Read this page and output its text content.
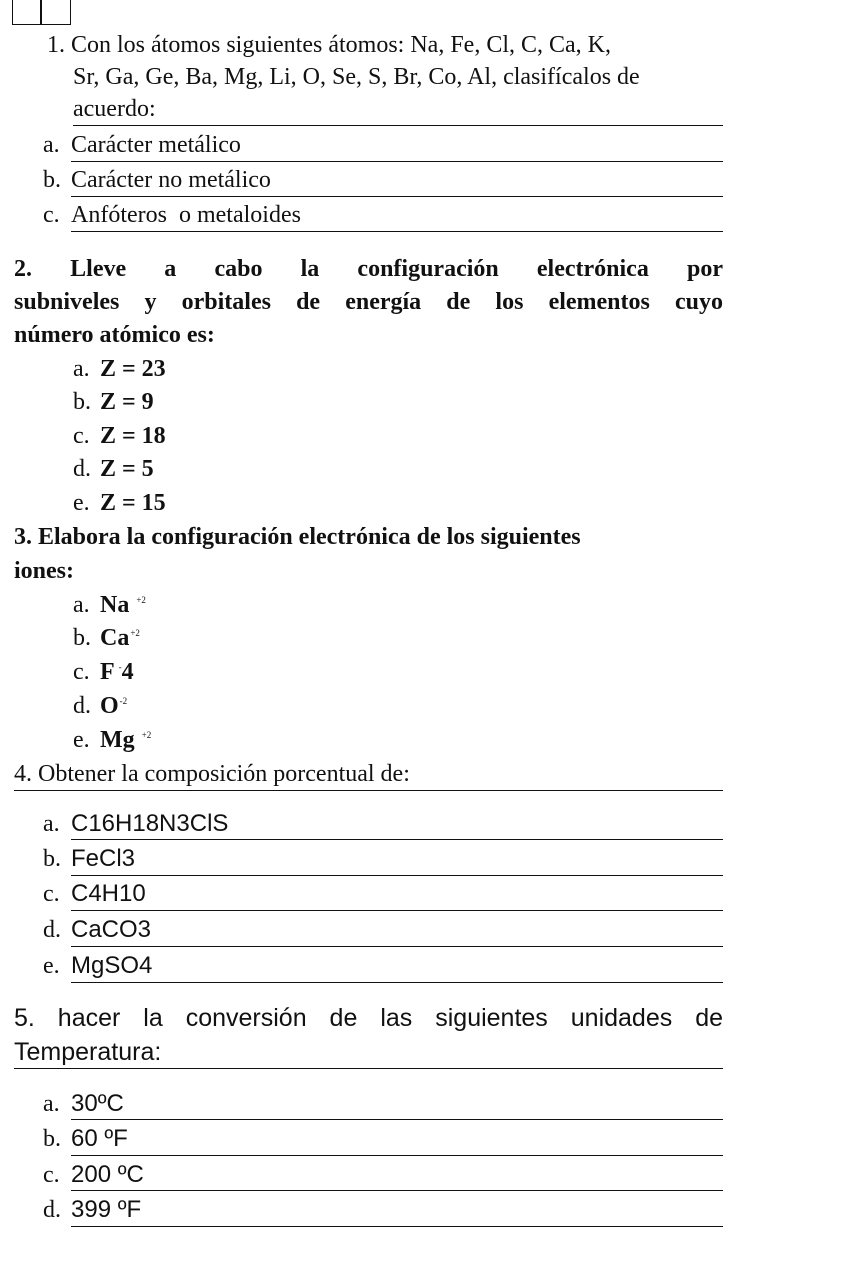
1. Con los átomos siguientes átomos: Na, Fe, Cl, C, Ca, K,
Sr, Ga, Ge, Ba, Mg, Li, O, Se, S, Br, Co, Al, clasifícalos de
acuerdo:
a. Carácter metálico
b. Carácter no metálico
c. Anfóteros  o metaloides
2. Lleve a cabo la configuración electrónica por
subniveles y orbitales de energía de los elementos cuyo
número atómico es:
a. Z = 23
b. Z = 9
c. Z = 18
d. Z = 5
e. Z = 15
3. Elabora la configuración electrónica de los siguientes
iones:
a. Na $^{+2}$
b. $Ca^{+2}$
c. F -4
d. $O^{-2}$
e. Mg $^{+2}$
4. Obtener la composición porcentual de:
a. C16H18N3ClS
b. FeCl3
c. C4H10
d. CaCO3
e. MgSO4
5. hacer la conversión de las siguientes unidades de
Temperatura:
a. 30ºC
b. 60 ºF
c. 200 ºC
d. 399 ºF
